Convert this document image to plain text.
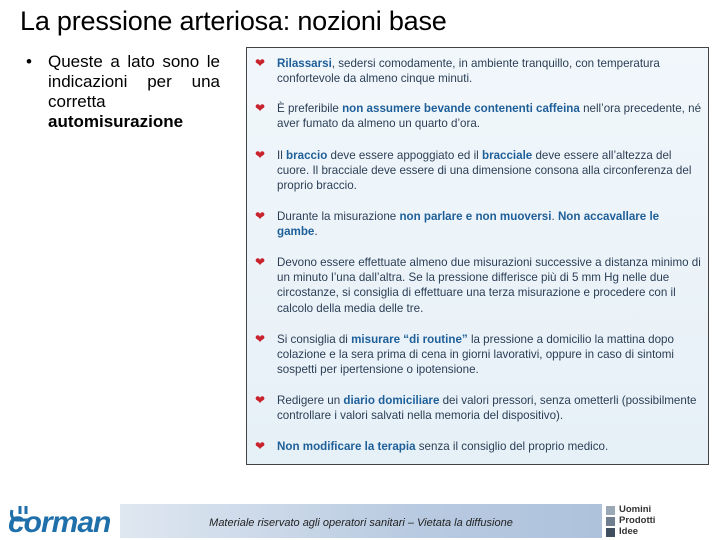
La pressione arteriosa: nozioni base
• Queste a lato sono le indicazioni per una corretta automisurazione
❤ Rilassarsi, sedersi comodamente, in ambiente tranquillo, con temperatura confortevole da almeno cinque minuti.
❤ È preferibile non assumere bevande contenenti caffeina nell’ora precedente, né aver fumato da almeno un quarto d’ora.
❤ Il braccio deve essere appoggiato ed il bracciale deve essere all’altezza del cuore. Il bracciale deve essere di una dimensione consona alla circonferenza del proprio braccio.
❤ Durante la misurazione non parlare e non muoversi. Non accavallare le gambe.
❤ Devono essere effettuate almeno due misurazioni successive a distanza minimo di un minuto l’una dall’altra. Se la pressione differisce più di 5 mm Hg nelle due circostanze, si consiglia di effettuare una terza misurazione e procedere con il calcolo della media delle tre.
❤ Si consiglia di misurare “di routine” la pressione a domicilio la mattina dopo colazione e la sera prima di cena in giorni lavorativi, oppure in caso di sintomi sospetti per ipertensione o ipotensione.
❤ Redigere un diario domiciliare dei valori pressori, senza ometterli (possibilmente controllare i valori salvati nella memoria del dispositivo).
❤ Non modificare la terapia senza il consiglio del proprio medico.
corman	Materiale riservato agli operatori sanitari – Vietata la diffusione
Uomini
Prodotti
Idee
